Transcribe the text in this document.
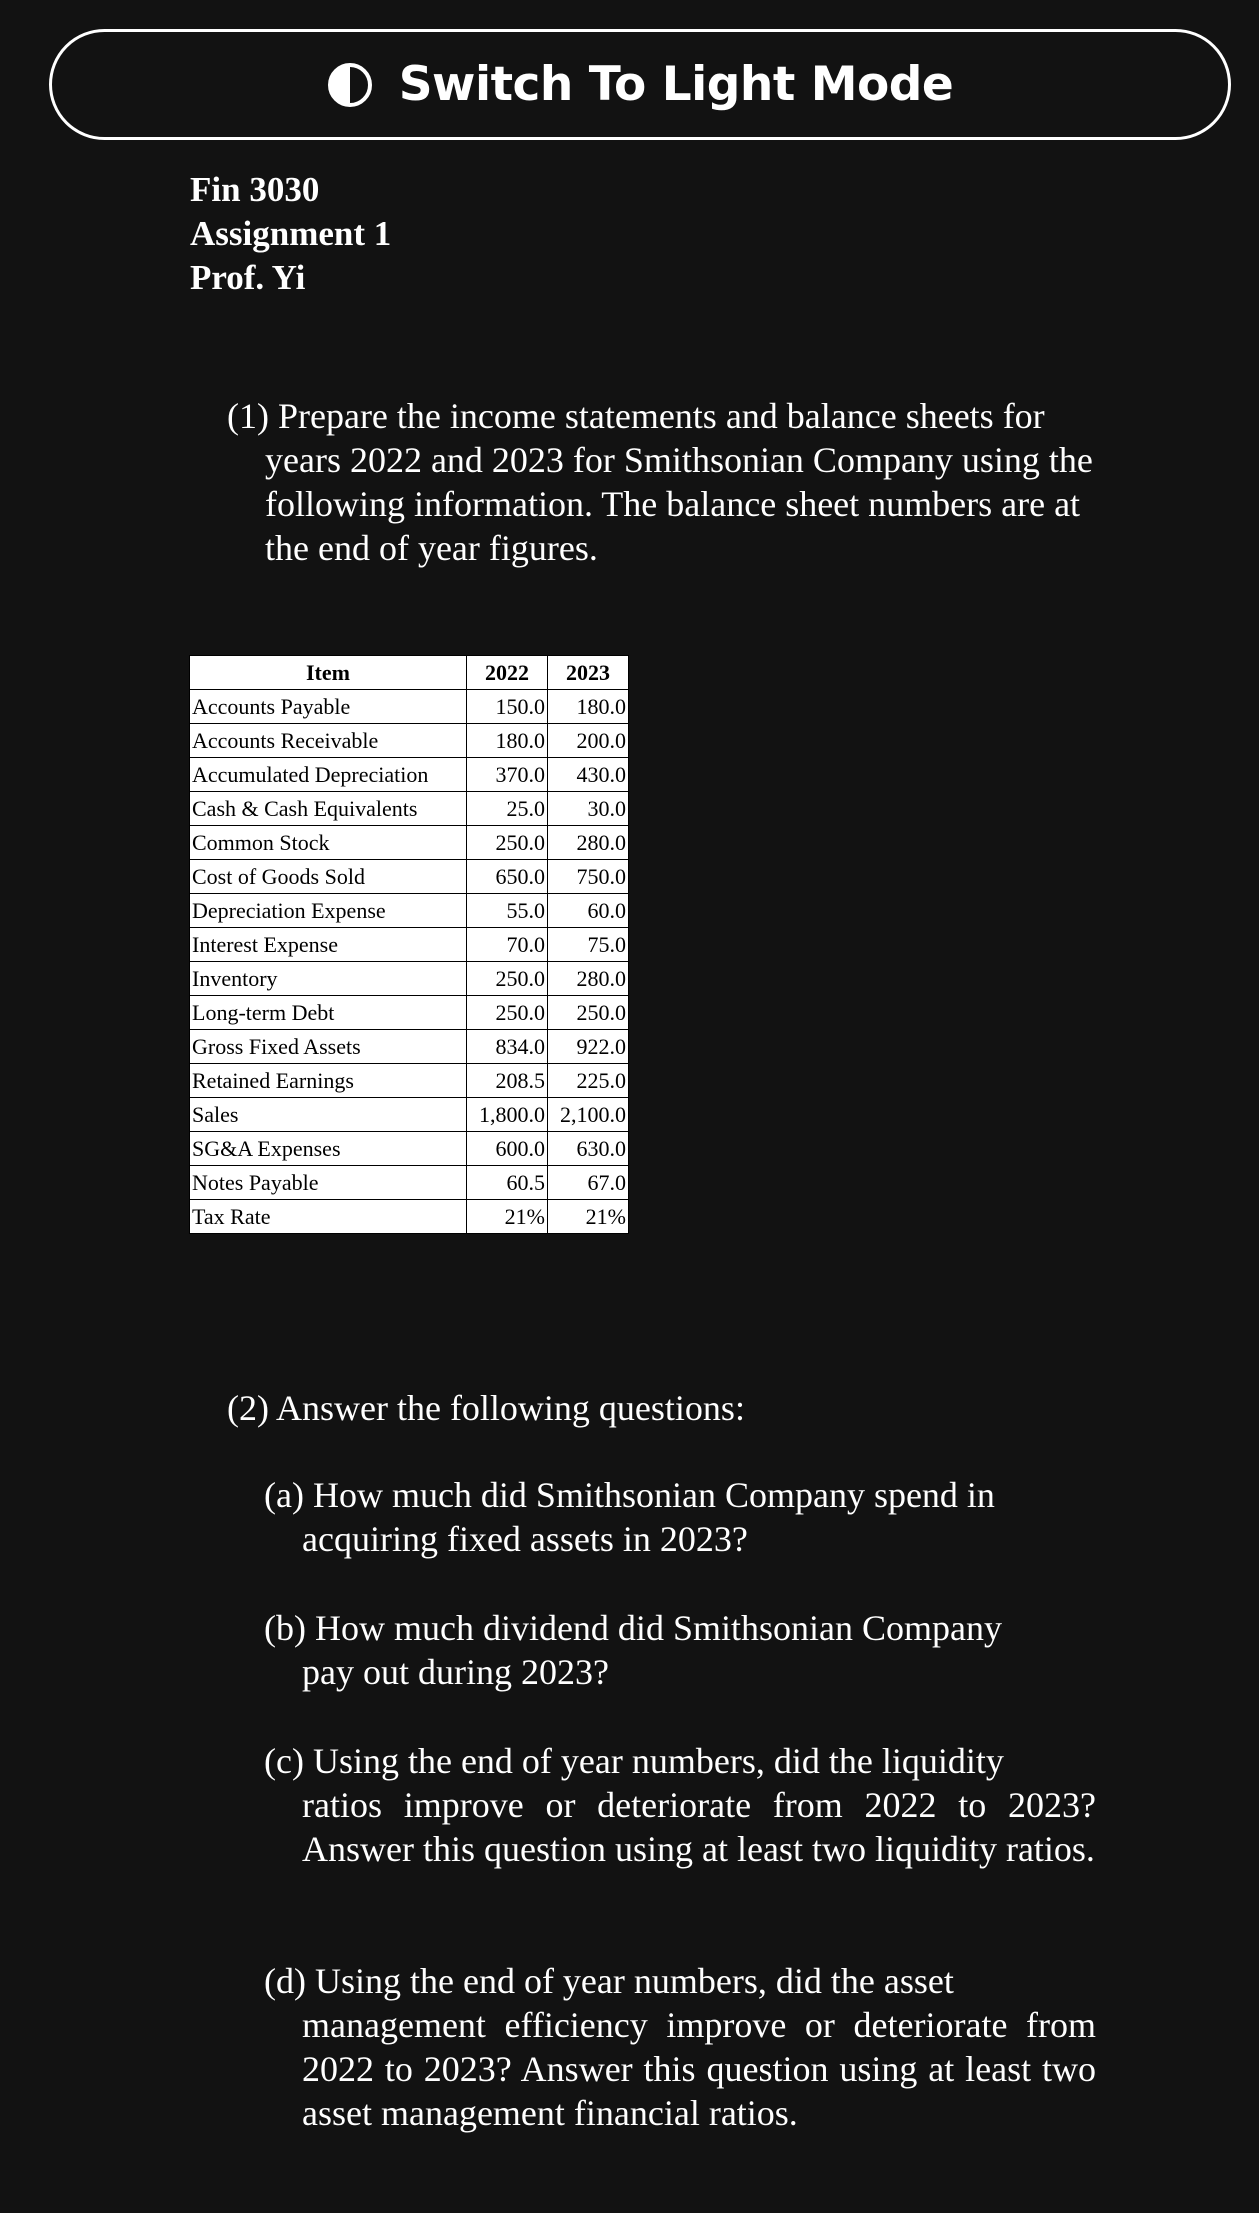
Switch To Light Mode
Fin 3030
Assignment 1
Prof. Yi
(1) Prepare the income statements and balance sheets for
years 2022 and 2023 for Smithsonian Company using the following information. The balance sheet numbers are at the end of year figures.
Item	2022	2023
Accounts Payable	150.0	180.0
Accounts Receivable	180.0	200.0
Accumulated Depreciation	370.0	430.0
Cash & Cash Equivalents	25.0	30.0
Common Stock	250.0	280.0
Cost of Goods Sold	650.0	750.0
Depreciation Expense	55.0	60.0
Interest Expense	70.0	75.0
Inventory	250.0	280.0
Long-term Debt	250.0	250.0
Gross Fixed Assets	834.0	922.0
Retained Earnings	208.5	225.0
Sales	1,800.0	2,100.0
SG&A Expenses	600.0	630.0
Notes Payable	60.5	67.0
Tax Rate	21%	21%
(2) Answer the following questions:
(a) How much did Smithsonian Company spend in
acquiring fixed assets in 2023?
(b) How much dividend did Smithsonian Company
pay out during 2023?
(c) Using the end of year numbers, did the liquidity
ratios improve or deteriorate from 2022 to 2023? Answer this question using at least two liquidity ratios.
(d) Using the end of year numbers, did the asset
management efficiency improve or deteriorate from 2022 to 2023? Answer this question using at least two asset management financial ratios.
